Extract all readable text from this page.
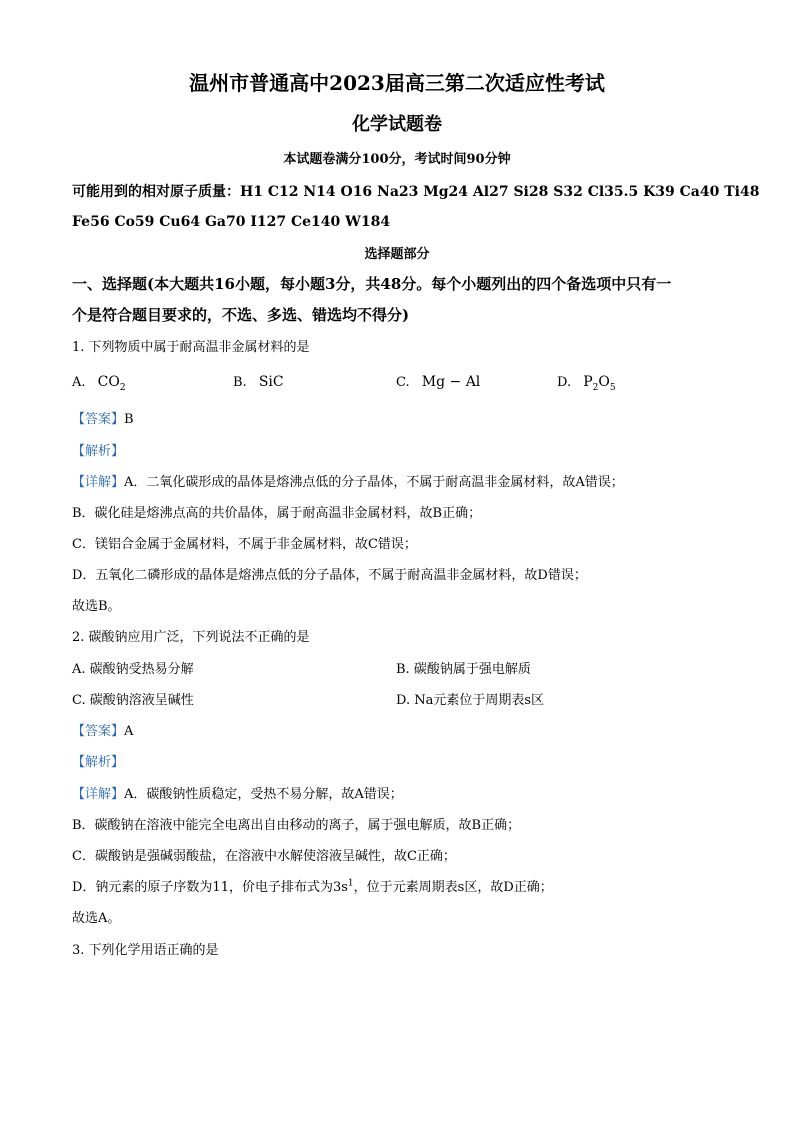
温州市普通高中2023届高三第二次适应性考试
化学试题卷
本试题卷满分100分，考试时间90分钟
可能用到的相对原子质量：H1 C12 N14 O16 Na23 Mg24 Al27 Si28 S32 Cl35.5 K39 Ca40 Ti48
Fe56 Co59 Cu64 Ga70 I127 Ce140 W184
选择题部分
一、选择题(本大题共16小题，每小题3分，共48分。每个小题列出的四个备选项中只有一
个是符合题目要求的，不选、多选、错选均不得分)
1. 下列物质中属于耐高温非金属材料的是
A. $CO_2$	B. SiC	C. Mg − Al	D. $P_2O_5$
【答案】B
【解析】
【详解】A．二氧化碳形成的晶体是熔沸点低的分子晶体，不属于耐高温非金属材料，故A错误；
B．碳化硅是熔沸点高的共价晶体，属于耐高温非金属材料，故B正确；
C．镁铝合金属于金属材料，不属于非金属材料，故C错误；
D．五氧化二磷形成的晶体是熔沸点低的分子晶体，不属于耐高温非金属材料，故D错误；
故选B。
2. 碳酸钠应用广泛，下列说法不正确的是
A. 碳酸钠受热易分解	B. 碳酸钠属于强电解质
C. 碳酸钠溶液呈碱性	D. Na元素位于周期表s区
【答案】A
【解析】
【详解】A．碳酸钠性质稳定，受热不易分解，故A错误；
B．碳酸钠在溶液中能完全电离出自由移动的离子，属于强电解质，故B正确；
C．碳酸钠是强碱弱酸盐，在溶液中水解使溶液呈碱性，故C正确；
D．钠元素的原子序数为11，价电子排布式为$3s^1$，位于元素周期表s区，故D正确；
故选A。
3. 下列化学用语正确的是
